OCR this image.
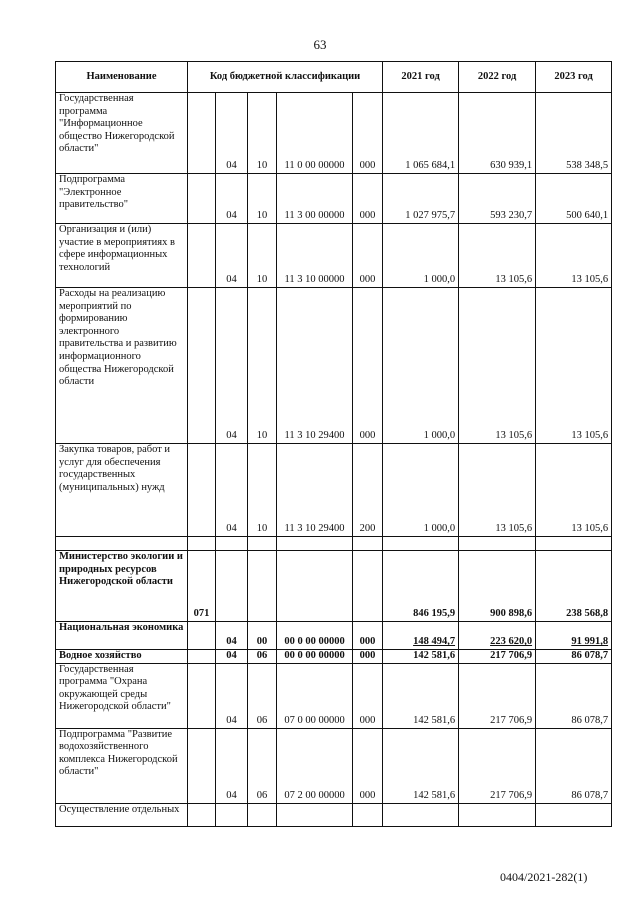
63
Наименование	Код бюджетной классификации					2021 год	2022 год	2023 год
Государственная программа "Информационное общество Нижегородской области"		04	10	11 0 00 00000	000	1 065 684,1	630 939,1	538 348,5
Подпрограмма "Электронное правительство"		04	10	11 3 00 00000	000	1 027 975,7	593 230,7	500 640,1
Организация и (или) участие в мероприятиях в сфере информационных технологий		04	10	11 3 10 00000	000	1 000,0	13 105,6	13 105,6
Расходы на реализацию мероприятий по формированию электронного правительства и развитию информационного общества Нижегородской области		04	10	11 3 10 29400	000	1 000,0	13 105,6	13 105,6
Закупка товаров, работ и услуг для обеспечения государственных (муниципальных) нужд		04	10	11 3 10 29400	200	1 000,0	13 105,6	13 105,6

Министерство экологии и природных ресурсов Нижегородской области	071					846 195,9	900 898,6	238 568,8
Национальная экономика		04	00	00 0 00 00000	000	148 494,7	223 620,0	91 991,8
Водное хозяйство		04	06	00 0 00 00000	000	142 581,6	217 706,9	86 078,7
Государственная программа "Охрана окружающей среды Нижегородской области"		04	06	07 0 00 00000	000	142 581,6	217 706,9	86 078,7
Подпрограмма "Развитие водохозяйственного комплекса Нижегородской области"		04	06	07 2 00 00000	000	142 581,6	217 706,9	86 078,7
Осуществление отдельных								
0404/2021-282(1)
